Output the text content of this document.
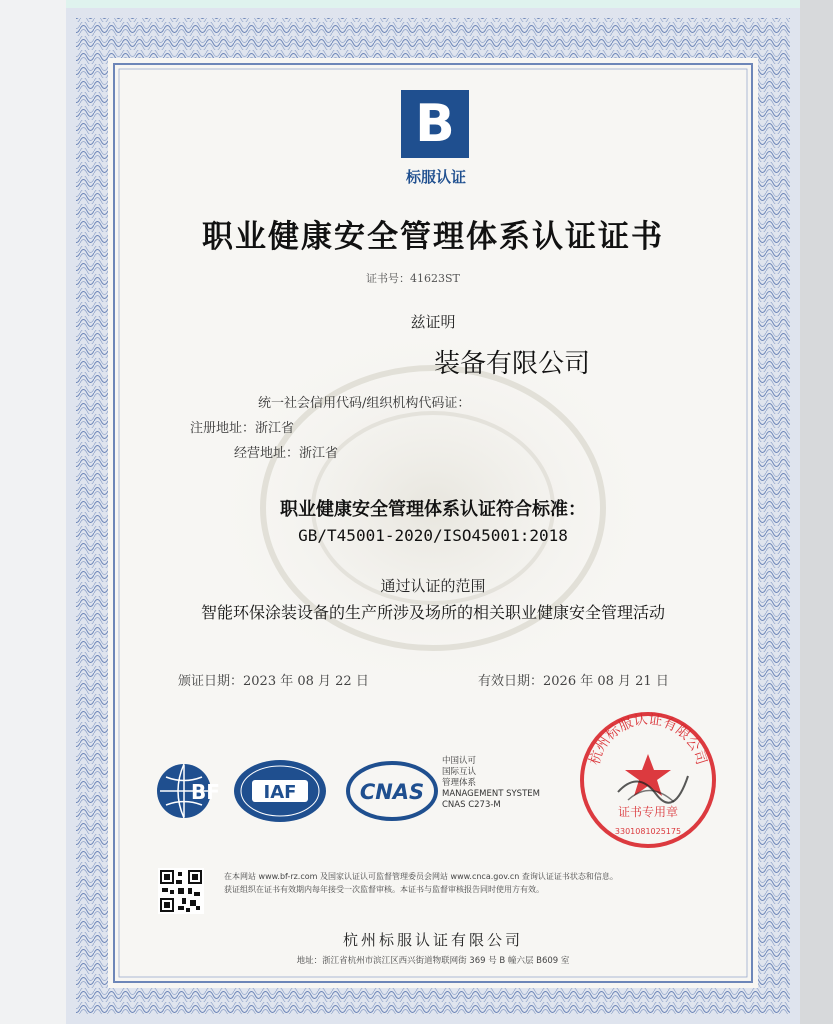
B
标服认证
职业健康安全管理体系认证证书
证书号：41623ST
兹证明
装备有限公司
统一社会信用代码/组织机构代码证：
注册地址：浙江省
经营地址：浙江省
职业健康安全管理体系认证符合标准：
GB/T45001-2020/ISO45001:2018
通过认证的范围
智能环保涂装设备的生产所涉及场所的相关职业健康安全管理活动
颁证日期：2023 年 08 月 22 日	有效日期：2026 年 08 月 21 日
BF IAF	CNAS
中国认可
国际互认
管理体系
MANAGEMENT SYSTEM
CNAS C273-M
杭州标服认证有限公司
证书专用章
3301081025175
在本网站 www.bf-rz.com 及国家认证认可监督管理委员会网站 www.cnca.gov.cn 查询认证证书状态和信息。
获证组织在证书有效期内每年接受一次监督审核。本证书与监督审核报告同时使用方有效。
杭州标服认证有限公司
地址：浙江省杭州市滨江区西兴街道物联网街 369 号 B 幢六层 B609 室
